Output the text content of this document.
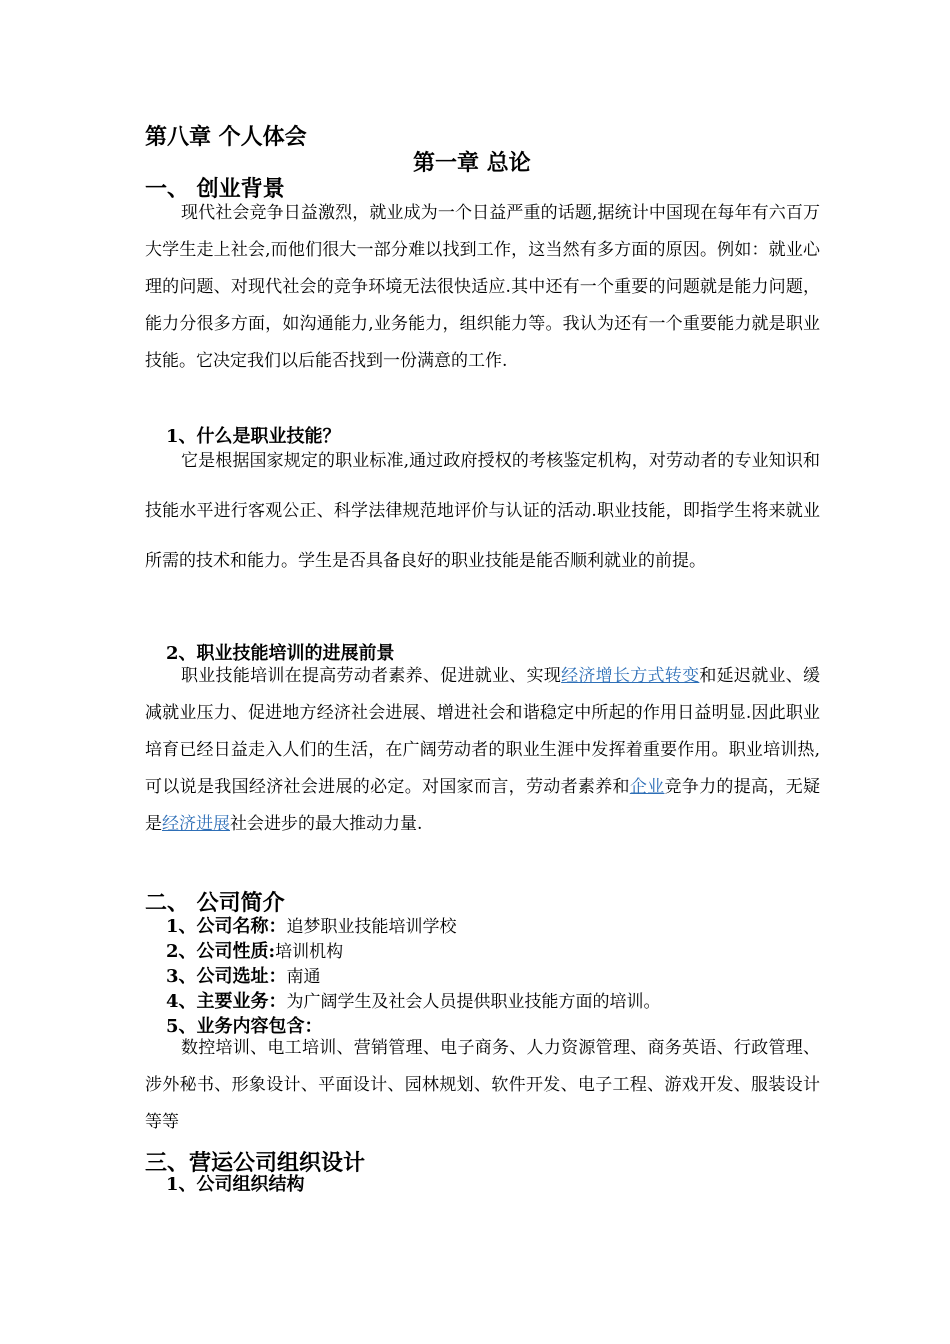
第八章 个人体会
第一章 总论
一、 创业背景
现代社会竞争日益激烈，就业成为一个日益严重的话题,据统计中国现在每年有六百万大学生走上社会,而他们很大一部分难以找到工作，这当然有多方面的原因。例如：就业心理的问题、对现代社会的竞争环境无法很快适应.其中还有一个重要的问题就是能力问题，能力分很多方面，如沟通能力,业务能力，组织能力等。我认为还有一个重要能力就是职业技能。它决定我们以后能否找到一份满意的工作.
1、什么是职业技能？
它是根据国家规定的职业标准,通过政府授权的考核鉴定机构，对劳动者的专业知识和技能水平进行客观公正、科学法律规范地评价与认证的活动.职业技能，即指学生将来就业所需的技术和能力。学生是否具备良好的职业技能是能否顺利就业的前提。
2、职业技能培训的进展前景
职业技能培训在提高劳动者素养、促进就业、实现经济增长方式转变和延迟就业、缓减就业压力、促进地方经济社会进展、增进社会和谐稳定中所起的作用日益明显.因此职业培育已经日益走入人们的生活，在广阔劳动者的职业生涯中发挥着重要作用。职业培训热,可以说是我国经济社会进展的必定。对国家而言，劳动者素养和企业竞争力的提高，无疑是经济进展社会进步的最大推动力量.
二、 公司简介
1、公司名称：追梦职业技能培训学校
2、公司性质:培训机构
3、公司选址：南通
4、主要业务：为广阔学生及社会人员提供职业技能方面的培训。
5、业务内容包含：
数控培训、电工培训、营销管理、电子商务、人力资源管理、商务英语、行政管理、涉外秘书、形象设计、平面设计、园林规划、软件开发、电子工程、游戏开发、服装设计等等
三、营运公司组织设计
1、公司组织结构
